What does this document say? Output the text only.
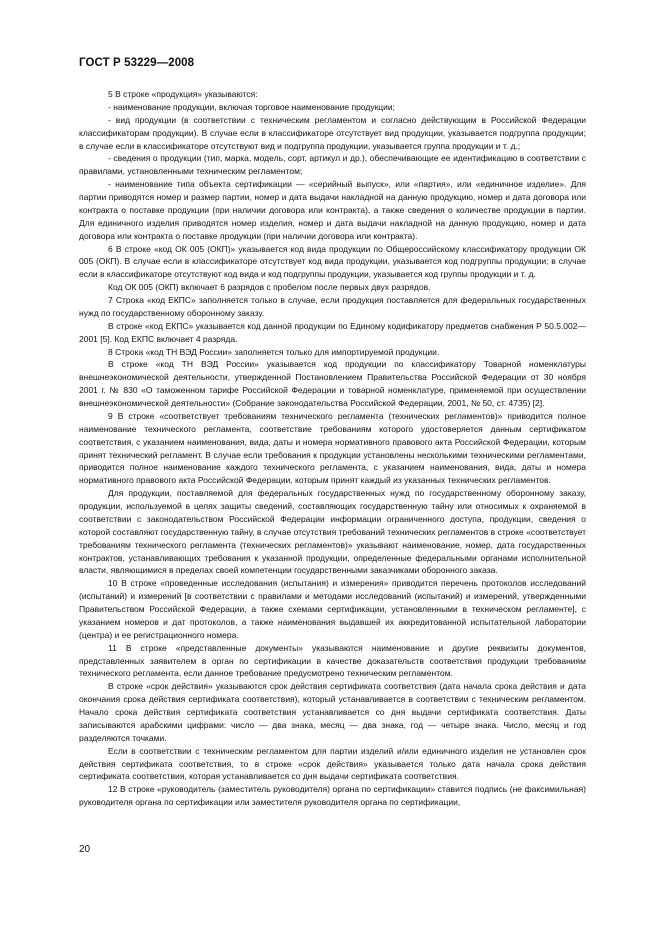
ГОСТ Р 53229—2008

5 В строке «продукция» указываются:

- наименование продукции, включая торговое наименование продукции;

- вид продукции (в соответствии с техническим регламентом и согласно действующим в Российской Федерации классификаторам продукции). В случае если в классификаторе отсутствует вид продукции, указывается подгруппа продукции; в случае если в классификаторе отсутствуют вид и подгруппа продукции, указывается группа продукции и т. д.;

- сведения о продукции (тип, марка, модель, сорт, артикул и др.), обеспечивающие ее идентификацию в соответствии с правилами, установленными техническим регламентом;

- наименование типа объекта сертификации — «серийный выпуск», или «партия», или «единичное изделие». Для партии приводятся номер и размер партии, номер и дата выдачи накладной на данную продукцию, номер и дата договора или контракта о поставке продукции (при наличии договора или контракта), а также сведения о количестве продукции в партии. Для единичного изделия приводятся номер изделия, номер и дата выдачи накладной на данную продукцию, номер и дата договора или контракта о поставке продукции (при наличии договора или контракта).

6 В строке «код ОК 005 (ОКП)» указывается код вида продукции по Общероссийскому классификатору продукции ОК 005 (ОКП). В случае если в классификаторе отсутствует код вида продукции, указывается код подгруппы продукции; в случае если в классификаторе отсутствуют код вида и код подгруппы продукции, указывается код группы продукции и т. д.

Код ОК 005 (ОКП) включает 6 разрядов с пробелом после первых двух разрядов.

7 Строка «код ЕКПС» заполняется только в случае, если продукция поставляется для федеральных государственных нужд по государственному оборонному заказу.

В строке «код ЕКПС» указывается код данной продукции по Единому кодификатору предметов снабжения Р 50.5.002—2001 [5]. Код ЕКПС включает 4 разряда.

8 Строка «код ТН ВЭД России» заполняется только для импортируемой продукции.

В строке «код ТН ВЭД России» указывается код продукции по классификатору Товарной номенклатуры внешнеэкономической деятельности, утвержденной Постановлением Правительства Российской Федерации от 30 ноября 2001 г. № 830 «О таможенном тарифе Российской Федерации и товарной номенклатуре, применяемой при осуществлении внешнеэкономической деятельности» (Собрание законодательства Российской Федерации, 2001, № 50, ст. 4735) [2].

9 В строке «соответствует требованиям технического регламента (технических регламентов)» приводится полное наименование технического регламента, соответствие требованиям которого удостоверяется данным сертификатом соответствия, с указанием наименования, вида, даты и номера нормативного правового акта Российской Федерации, которым принят технический регламент. В случае если требования к продукции установлены несколькими техническими регламентами, приводится полное наименование каждого технического регламента, с указанием наименования, вида, даты и номера нормативного правового акта Российской Федерации, которым принят каждый из указанных технических регламентов.

Для продукции, поставляемой для федеральных государственных нужд по государственному оборонному заказу, продукции, используемой в целях защиты сведений, составляющих государственную тайну или относимых к охраняемой в соответствии с законодательством Российской Федерации информации ограниченного доступа, продукции, сведения о которой составляют государственную тайну, в случае отсутствия требований технических регламентов в строке «соответствует требованиям технического регламента (технических регламентов)» указывают наименование, номер, дата государственных контрактов, устанавливающих требования к указанной продукции, определенные федеральными органами исполнительной власти, являющимися в пределах своей компетенции государственными заказчиками оборонного заказа.

10 В строке «проведенные исследования (испытания) и измерения» приводится перечень протоколов исследований (испытаний) и измерений [в соответствии с правилами и методами исследований (испытаний) и измерений, утвержденными Правительством Российской Федерации, а также схемами сертификации, установленными в техническом регламенте], с указанием номеров и дат протоколов, а также наименования выдавшей их аккредитованной испытательной лаборатории (центра) и ее регистрационного номера.

11 В строке «представленные документы» указываются наименование и другие реквизиты документов, представленных заявителем в орган по сертификации в качестве доказательств соответствия продукции требованиям технического регламента, если данное требование предусмотрено техническим регламентом.

В строке «срок действия» указываются срок действия сертификата соответствия (дата начала срока действия и дата окончания срока действия сертификата соответствия), который устанавливается в соответствии с техническим регламентом. Начало срока действия сертификата соответствия устанавливается со дня выдачи сертификата соответствия. Даты записываются арабскими цифрами: число — два знака, месяц — два знака, год — четыре знака. Число, месяц и год разделяются точками.

Если в соответствии с техническим регламентом для партии изделий и/или единичного изделия не установлен срок действия сертификата соответствия, то в строке «срок действия» указывается только дата начала срока действия сертификата соответствия, которая устанавливается со дня выдачи сертификата соответствия.

12 В строке «руководитель (заместитель руководителя) органа по сертификации» ставится подпись (не факсимильная) руководителя органа по сертификации или заместителя руководителя органа по сертификации,

20
